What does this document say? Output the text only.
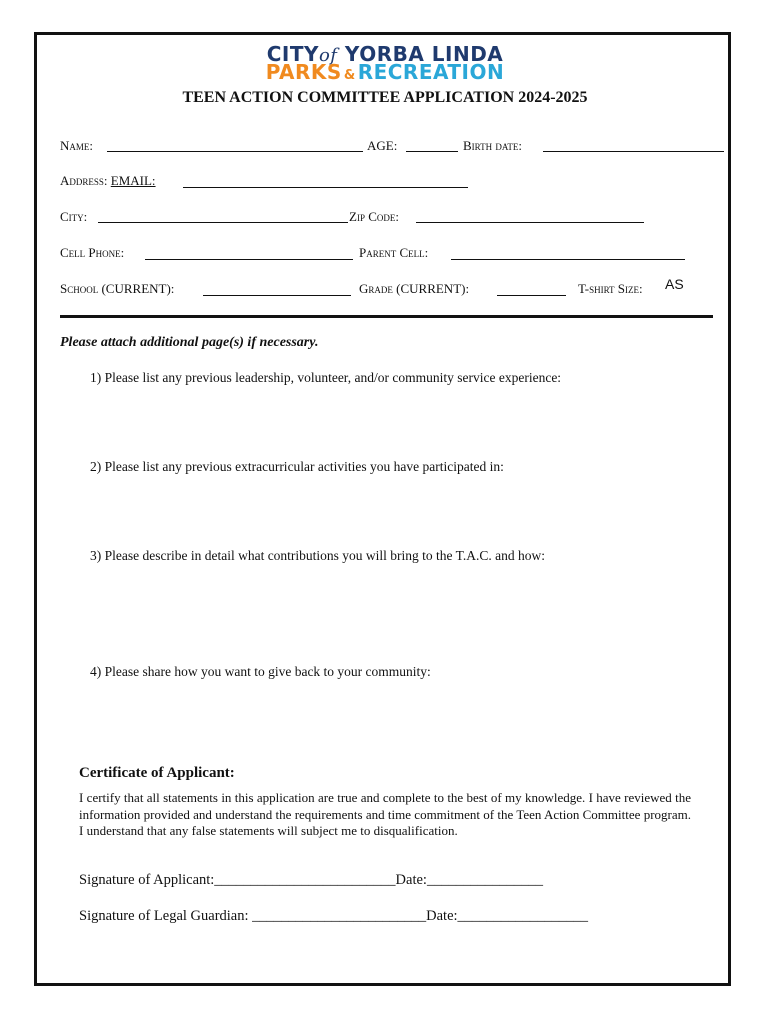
CITYof YORBA LINDA
PARKS & RECREATION
TEEN ACTION COMMITTEE APPLICATION 2024-2025
Name:	AGE:	Birth date:
Address: EMAIL:
City:	Zip Code:
Cell Phone:	Parent Cell:
School (CURRENT):	Grade (CURRENT):	T-shirt Size: AS
Please attach additional page(s) if necessary.
1) Please list any previous leadership, volunteer, and/or community service experience:
2) Please list any previous extracurricular activities you have participated in:
3) Please describe in detail what contributions you will bring to the T.A.C. and how:
4) Please share how you want to give back to your community:
Certificate of Applicant:
I certify that all statements in this application are true and complete to the best of my knowledge. I have reviewed the information provided and understand the requirements and time commitment of the Teen Action Committee program. I understand that any false statements will subject me to disqualification.
Signature of Applicant:_________________________Date:________________
Signature of Legal Guardian: ________________________Date:__________________
